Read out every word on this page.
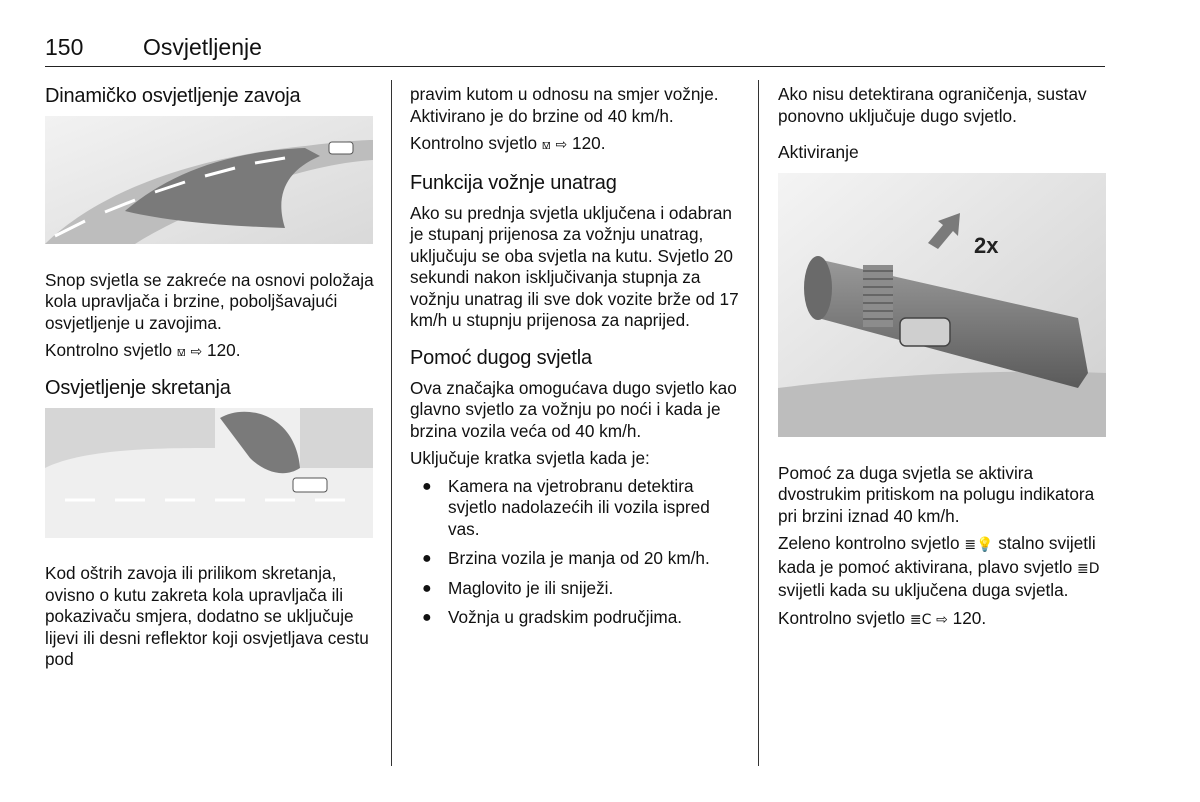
150	Osvjetljenje
Dinamičko osvjetljenje zavoja

Snop svjetla se zakreće na osnovi položaja kola upravljača i brzine, poboljšavajući osvjetljenje u zavojima.

Kontrolno svjetlo ⟏ ⇨ 120.

Osvjetljenje skretanja

Kod oštrih zavoja ili prilikom skretanja, ovisno o kutu zakreta kola upravljača ili pokazivaču smjera, dodatno se uključuje lijevi ili desni reflektor koji osvjetljava cestu pod

pravim kutom u odnosu na smjer vožnje. Aktivirano je do brzine od 40 km/h.

Kontrolno svjetlo ⟏ ⇨ 120.

Funkcija vožnje unatrag

Ako su prednja svjetla uključena i odabran je stupanj prijenosa za vožnju unatrag, uključuju se oba svjetla na kutu. Svjetlo 20 sekundi nakon isključivanja stupnja za vožnju unatrag ili sve dok vozite brže od 17 km/h u stupnju prijenosa za naprijed.

Pomoć dugog svjetla

Ova značajka omogućava dugo svjetlo kao glavno svjetlo za vožnju po noći i kada je brzina vozila veća od 40 km/h.

Uključuje kratka svjetla kada je:

● Kamera na vjetrobranu detektira svjetlo nadolazećih ili vozila ispred vas.
● Brzina vozila je manja od 20 km/h.
● Maglovito je ili sniježi.
● Vožnja u gradskim područjima.

Ako nisu detektirana ograničenja, sustav ponovno uključuje dugo svjetlo.

Aktiviranje
2x

Pomoć za duga svjetla se aktivira dvostrukim pritiskom na polugu indikatora pri brzini iznad 40 km/h.

Zeleno kontrolno svjetlo ≣💡 stalno svijetli kada je pomoć aktivirana, plavo svjetlo ≣D svijetli kada su uključena duga svjetla.

Kontrolno svjetlo ≣C ⇨ 120.
